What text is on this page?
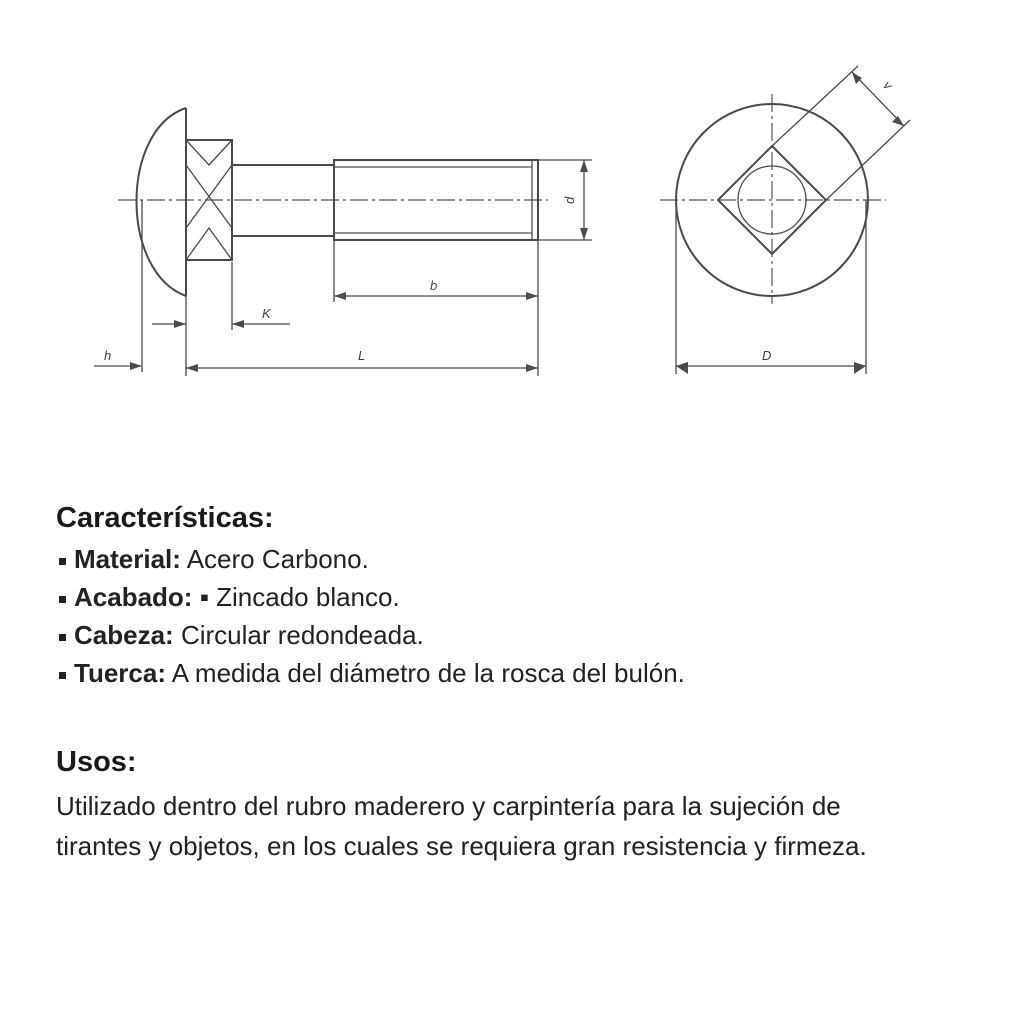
h
K
L
b
d
D
v
Características:
Material: Acero Carbono.
Acabado: ▪ Zincado blanco.
Cabeza: Circular redondeada.
Tuerca: A medida del diámetro de la rosca del bulón.
Usos:

Utilizado dentro del rubro maderero y carpintería para la sujeción de tirantes y objetos, en los cuales se requiera gran resistencia y firmeza.
